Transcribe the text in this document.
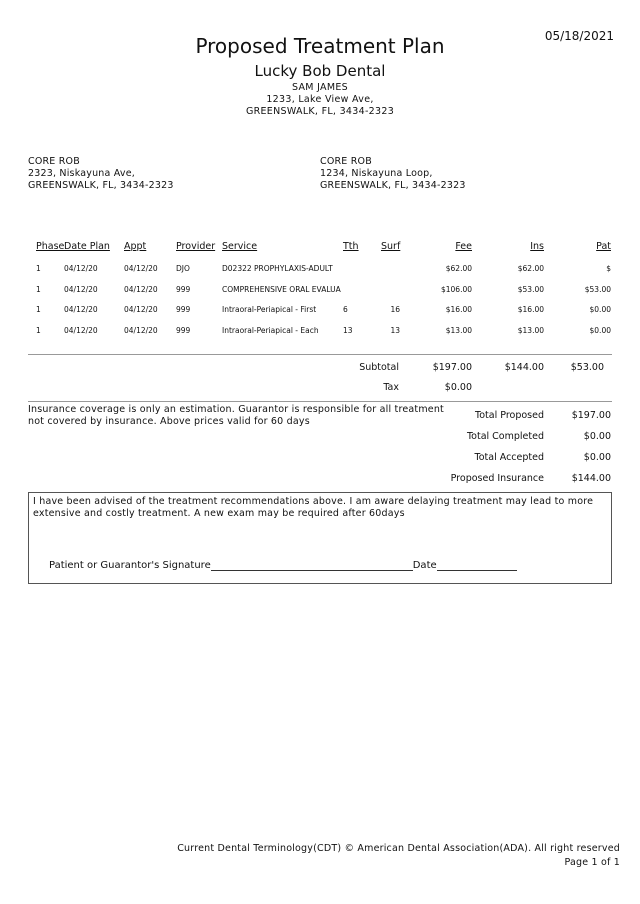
05/18/2021
Proposed Treatment Plan
Lucky Bob Dental
SAM JAMES
1233, Lake View Ave,
GREENSWALK, FL, 3434-2323
CORE ROB
2323, Niskayuna Ave,
GREENSWALK, FL, 3434-2323
CORE ROB
1234, Niskayuna Loop,
GREENSWALK, FL, 3434-2323
Phase Date Plan Appt	Provider Service	Tth Surf	Fee	Ins	Pat
1	04/12/20	04/12/20 DJO	D02322 PROPHYLAXIS-ADULT	$62.00	$62.00	$
1	04/12/20	04/12/20 999	COMPREHENSIVE ORAL EVALUA	$106.00	$53.00	$53.00
1	04/12/20	04/12/20 999	Intraoral-Periapical - First	6	16	$16.00	$16.00	$0.00
1	04/12/20	04/12/20 999	Intraoral-Periapical - Each	13	13	$13.00	$13.00	$0.00
Subtotal	$197.00	$144.00	$53.00
Tax	$0.00
Insurance coverage is only an estimation. Guarantor is responsible for all treatment
not covered by insurance. Above prices valid for 60 days
Total Proposed	$197.00
Total Completed	$0.00
Total Accepted	$0.00
Proposed Insurance	$144.00
I have been advised of the treatment recommendations above. I am aware delaying treatment may lead to more extensive and costly treatment. A new exam may be required after 60days
Patient or Guarantor's Signature	Date
Current Dental Terminology(CDT) © American Dental Association(ADA). All right reserved
Page 1 of 1
